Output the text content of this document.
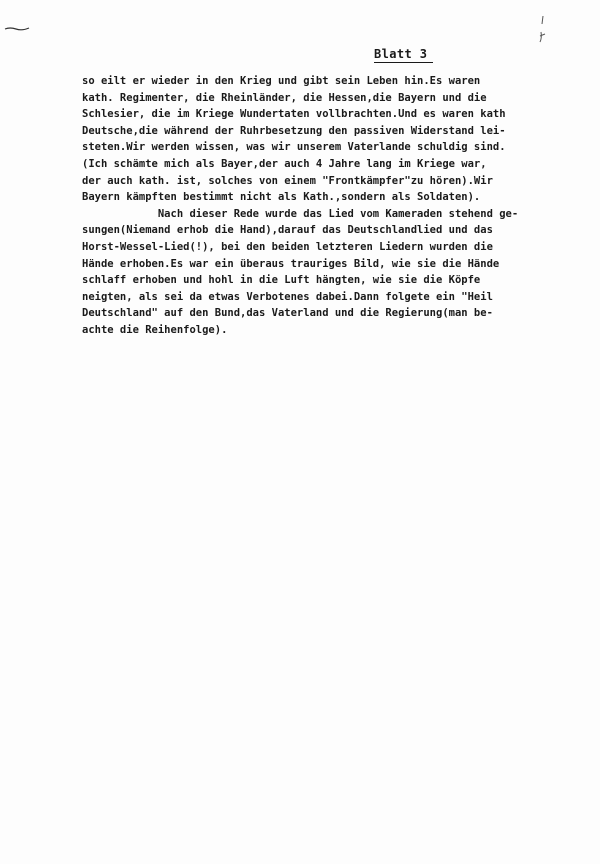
Blatt 3
so eilt er wieder in den Krieg und gibt sein Leben hin.Es waren
kath. Regimenter, die Rheinländer, die Hessen,die Bayern und die
Schlesier, die im Kriege Wundertaten vollbrachten.Und es waren kath
Deutsche,die während der Ruhrbesetzung den passiven Widerstand lei-
steten.Wir werden wissen, was wir unserem Vaterlande schuldig sind.
(Ich schämte mich als Bayer,der auch 4 Jahre lang im Kriege war,
der auch kath. ist, solches von einem "Frontkämpfer"zu hören).Wir
Bayern kämpften bestimmt nicht als Kath.,sondern als Soldaten).
Nach dieser Rede wurde das Lied vom Kameraden stehend ge-
sungen(Niemand erhob die Hand),darauf das Deutschlandlied und das
Horst-Wessel-Lied(!), bei den beiden letzteren Liedern wurden die
Hände erhoben.Es war ein überaus trauriges Bild, wie sie die Hände
schlaff erhoben und hohl in die Luft hängten, wie sie die Köpfe
neigten, als sei da etwas Verbotenes dabei.Dann folgete ein "Heil
Deutschland" auf den Bund,das Vaterland und die Regierung(man be-
achte die Reihenfolge).
